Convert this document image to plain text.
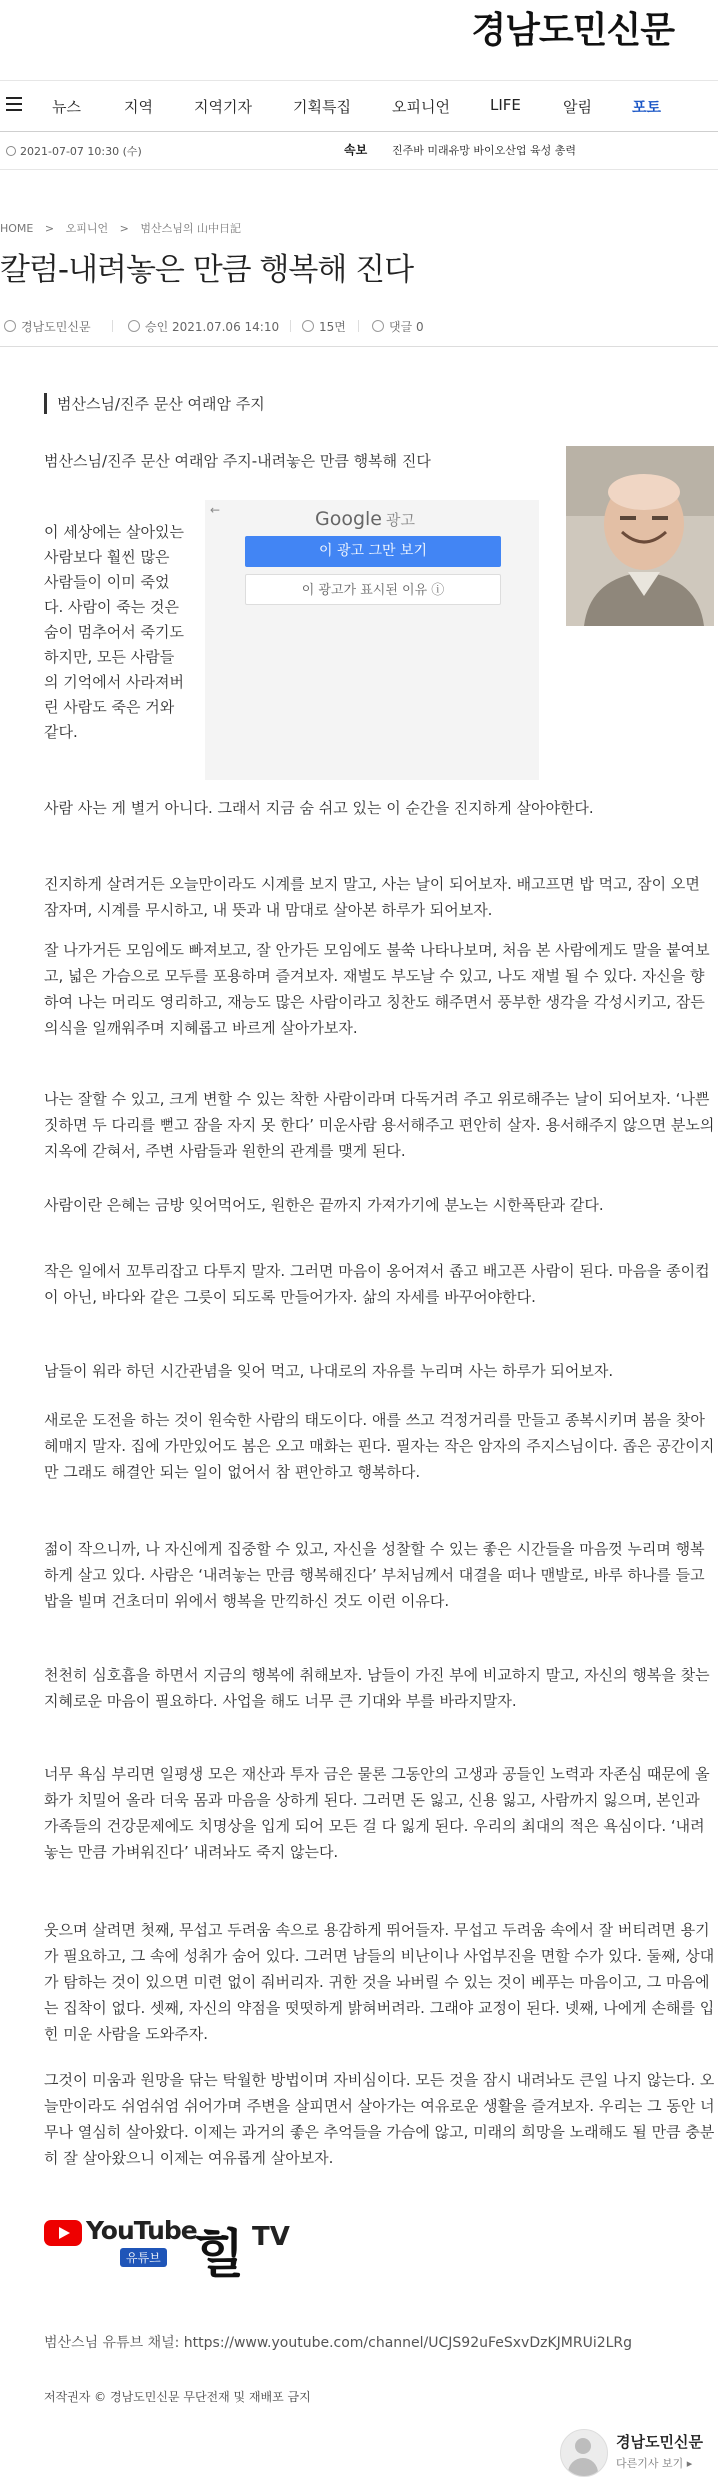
경남도민신문
뉴스	지역	지역기자	기획특집	오피니언	LIFE	알림	포토
2021-07-07 10:30 (수)	속보 진주바 미래유망 바이오산업 육성 총력
HOME > 오피니언 > 범산스님의 山中日記
칼럼-내려놓은 만큼 행복해 진다
경남도민신문	승인 2021.07.06 14:10	15면	댓글 0
범산스님/진주 문산 여래암 주지
범산스님/진주 문산 여래암 주지-내려놓은 만큼 행복해 진다
←	Google 광고
이 광고 그만 보기
이 광고가 표시된 이유 ⓘ
이 세상에는 살아있는 사람보다 훨씬 많은 사람들이 이미 죽었다. 사람이 죽는 것은 숨이 멈추어서 죽기도 하지만, 모든 사람들의 기억에서 사라져버린 사람도 죽은 거와 같다.
사람 사는 게 별거 아니다. 그래서 지금 숨 쉬고 있는 이 순간을 진지하게 살아야한다.
진지하게 살려거든 오늘만이라도 시계를 보지 말고, 사는 날이 되어보자. 배고프면 밥 먹고, 잠이 오면 잠자며, 시계를 무시하고, 내 뜻과 내 맘대로 살아본 하루가 되어보자.
잘 나가거든 모임에도 빠져보고, 잘 안가든 모임에도 불쑥 나타나보며, 처음 본 사람에게도 말을 붙여보고, 넓은 가슴으로 모두를 포용하며 즐겨보자. 재벌도 부도날 수 있고, 나도 재벌 될 수 있다. 자신을 향하여 나는 머리도 영리하고, 재능도 많은 사람이라고 칭찬도 해주면서 풍부한 생각을 각성시키고, 잠든 의식을 일깨워주며 지혜롭고 바르게 살아가보자.
나는 잘할 수 있고, 크게 변할 수 있는 착한 사람이라며 다독거려 주고 위로해주는 날이 되어보자. ‘나쁜 짓하면 두 다리를 뻗고 잠을 자지 못 한다’ 미운사람 용서해주고 편안히 살자. 용서해주지 않으면 분노의 지옥에 갇혀서, 주변 사람들과 원한의 관계를 맺게 된다.
사람이란 은혜는 금방 잊어먹어도, 원한은 끝까지 가져가기에 분노는 시한폭탄과 같다.
작은 일에서 꼬투리잡고 다투지 말자. 그러면 마음이 옹어져서 좁고 배고픈 사람이 된다. 마음을 종이컵이 아닌, 바다와 같은 그릇이 되도록 만들어가자. 삶의 자세를 바꾸어야한다.
남들이 워라 하던 시간관념을 잊어 먹고, 나대로의 자유를 누리며 사는 하루가 되어보자.
새로운 도전을 하는 것이 원숙한 사람의 태도이다. 애를 쓰고 걱정거리를 만들고 종복시키며 봄을 찾아 헤매지 말자. 집에 가만있어도 봄은 오고 매화는 핀다. 필자는 작은 암자의 주지스님이다. 좁은 공간이지만 그래도 해결안 되는 일이 없어서 참 편안하고 행복하다.
젊이 작으니까, 나 자신에게 집중할 수 있고, 자신을 성찰할 수 있는 좋은 시간들을 마음껏 누리며 행복하게 살고 있다. 사람은 ‘내려놓는 만큼 행복해진다’ 부처님께서 대결을 떠나 맨발로, 바루 하나를 들고 밥을 빌며 건초더미 위에서 행복을 만끽하신 것도 이런 이유다.
천천히 심호흡을 하면서 지금의 행복에 취해보자. 남들이 가진 부에 비교하지 말고, 자신의 행복을 찾는 지혜로운 마음이 필요하다. 사업을 해도 너무 큰 기대와 부를 바라지말자.
너무 욕심 부리면 일평생 모은 재산과 투자 금은 물론 그동안의 고생과 공들인 노력과 자존심 때문에 올화가 치밀어 올라 더욱 몸과 마음을 상하게 된다. 그러면 돈 잃고, 신용 잃고, 사람까지 잃으며, 본인과 가족들의 건강문제에도 치명상을 입게 되어 모든 걸 다 잃게 된다. 우리의 최대의 적은 욕심이다. ‘내려놓는 만큼 가벼워진다’ 내려놔도 죽지 않는다.
웃으며 살려면 첫째, 무섭고 두려움 속으로 용감하게 뛰어들자. 무섭고 두려움 속에서 잘 버티려면 용기가 필요하고, 그 속에 성취가 숨어 있다. 그러면 남들의 비난이나 사업부진을 면할 수가 있다. 둘째, 상대가 탐하는 것이 있으면 미련 없이 줘버리자. 귀한 것을 놔버릴 수 있는 것이 베푸는 마음이고, 그 마음에는 집착이 없다. 셋째, 자신의 약점을 떳떳하게 밝혀버려라. 그래야 교정이 된다. 넷째, 나에게 손해를 입힌 미운 사람을 도와주자.
그것이 미움과 원망을 닦는 탁월한 방법이며 자비심이다. 모든 것을 잠시 내려놔도 큰일 나지 않는다. 오늘만이라도 쉬엄쉬엄 쉬어가며 주변을 살피면서 살아가는 여유로운 생활을 즐겨보자. 우리는 그 동안 너무나 열심히 살아왔다. 이제는 과거의 좋은 추억들을 가슴에 않고, 미래의 희망을 노래해도 될 만큼 충분히 잘 살아왔으니 이제는 여유롭게 살아보자.
YouTube
유튜브 힐 TV
범산스님 유튜브 채널: https://www.youtube.com/channel/UCJS92uFeSxvDzKJMRUi2LRg
저작권자 © 경남도민신문 무단전재 및 재배포 금지
경남도민신문
다른기사 보기 ▸
